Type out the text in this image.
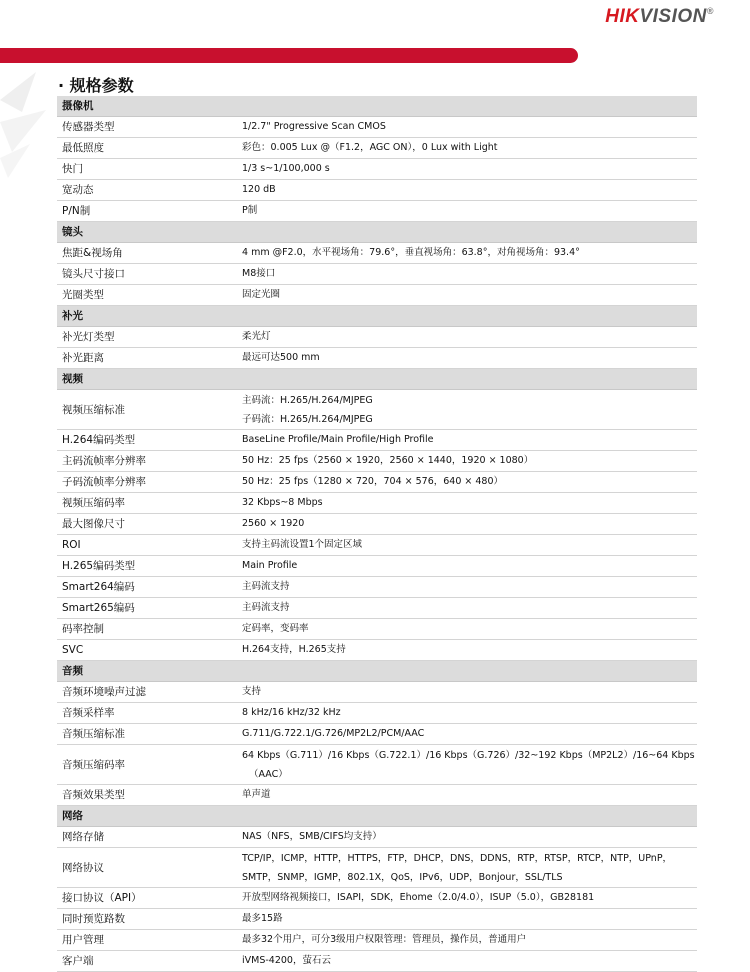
HIKVISION®
· 规格参数
摄像机	
传感器类型	1/2.7" Progressive Scan CMOS

最低照度	彩色：0.005 Lux @（F1.2，AGC ON），0 Lux with Light

快门	1/3 s~1/100,000 s

宽动态	120 dB

P/N制	P制

镜头	
焦距&视场角	4 mm @F2.0，水平视场角：79.6°，垂直视场角：63.8°，对角视场角：93.4°

镜头尺寸接口	M8接口

光圈类型	固定光圈

补光	
补光灯类型	柔光灯

补光距离	最远可达500 mm

视频	
视频压缩标准	主码流：H.265/H.264/MJPEG
子码流：H.265/H.264/MJPEG

H.264编码类型	BaseLine Profile/Main Profile/High Profile

主码流帧率分辨率	50 Hz：25 fps（2560 × 1920，2560 × 1440，1920 × 1080）

子码流帧率分辨率	50 Hz：25 fps（1280 × 720，704 × 576，640 × 480）

视频压缩码率	32 Kbps~8 Mbps

最大图像尺寸	2560 × 1920

ROI	支持主码流设置1个固定区域

H.265编码类型	Main Profile

Smart264编码	主码流支持

Smart265编码	主码流支持

码率控制	定码率，变码率

SVC	H.264支持，H.265支持

音频	
音频环境噪声过滤	支持

音频采样率	8 kHz/16 kHz/32 kHz

音频压缩标准	G.711/G.722.1/G.726/MP2L2/PCM/AAC

音频压缩码率	64 Kbps（G.711）/16 Kbps（G.722.1）/16 Kbps（G.726）/32~192 Kbps（MP2L2）/16~64 Kbps
（AAC）

音频效果类型	单声道

网络	
网络存储	NAS（NFS，SMB/CIFS均支持）

网络协议	TCP/IP，ICMP，HTTP，HTTPS，FTP，DHCP，DNS，DDNS，RTP，RTSP，RTCP，NTP，UPnP，
SMTP，SNMP，IGMP，802.1X，QoS，IPv6，UDP，Bonjour，SSL/TLS

接口协议（API）	开放型网络视频接口，ISAPI，SDK，Ehome（2.0/4.0），ISUP（5.0），GB28181

同时预览路数	最多15路

用户管理	最多32个用户，可分3级用户权限管理：管理员，操作员，普通用户

客户端	iVMS-4200，萤石云
